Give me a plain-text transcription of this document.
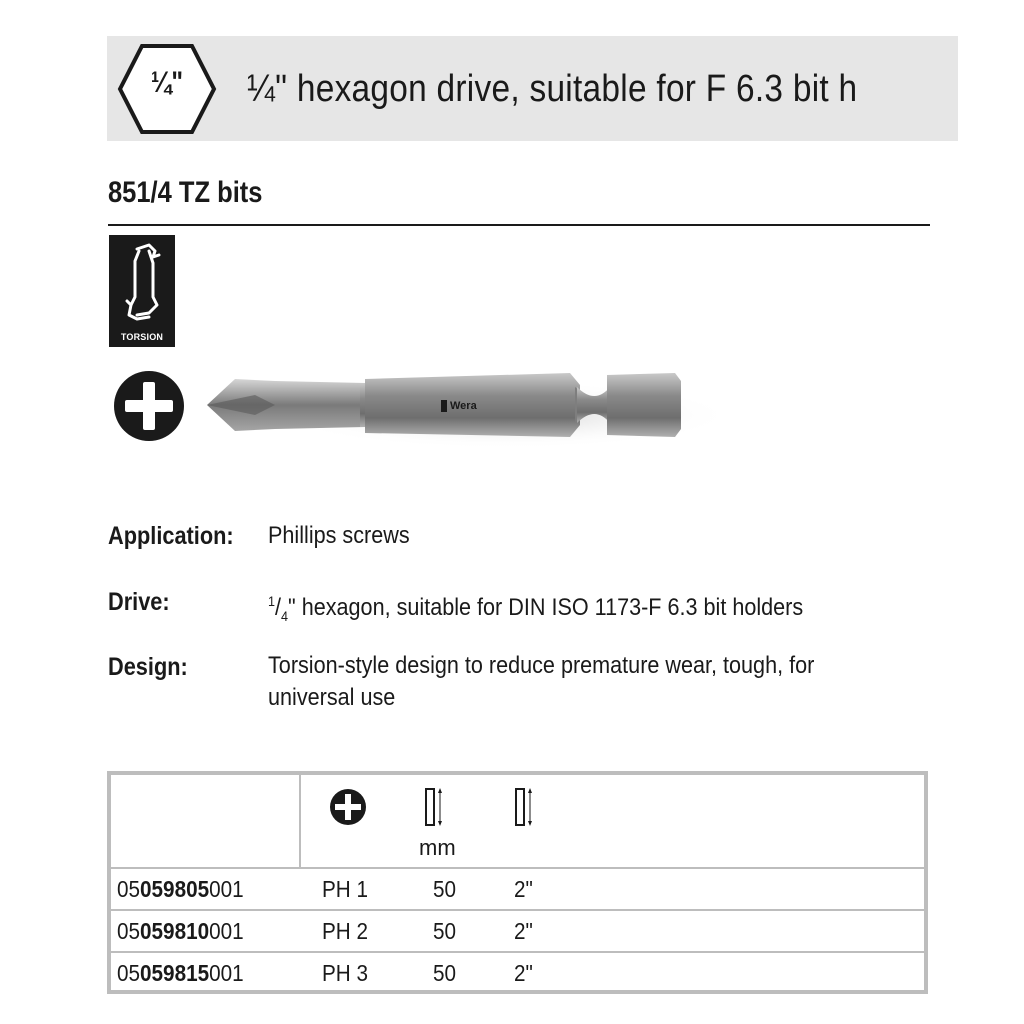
¼"	¼" hexagon drive, suitable for F 6.3 bit h
851/4 TZ bits
TORSION
Wera
Application: Phillips screws
Drive:	$^1/_4$" hexagon, suitable for DIN ISO 1173-F 6.3 bit holders
Design:	Torsion-style design to reduce premature wear, tough, for
universal use
mm
05059805001	PH 1	50	2"
05059810001	PH 2	50	2"
05059815001	PH 3	50	2"
